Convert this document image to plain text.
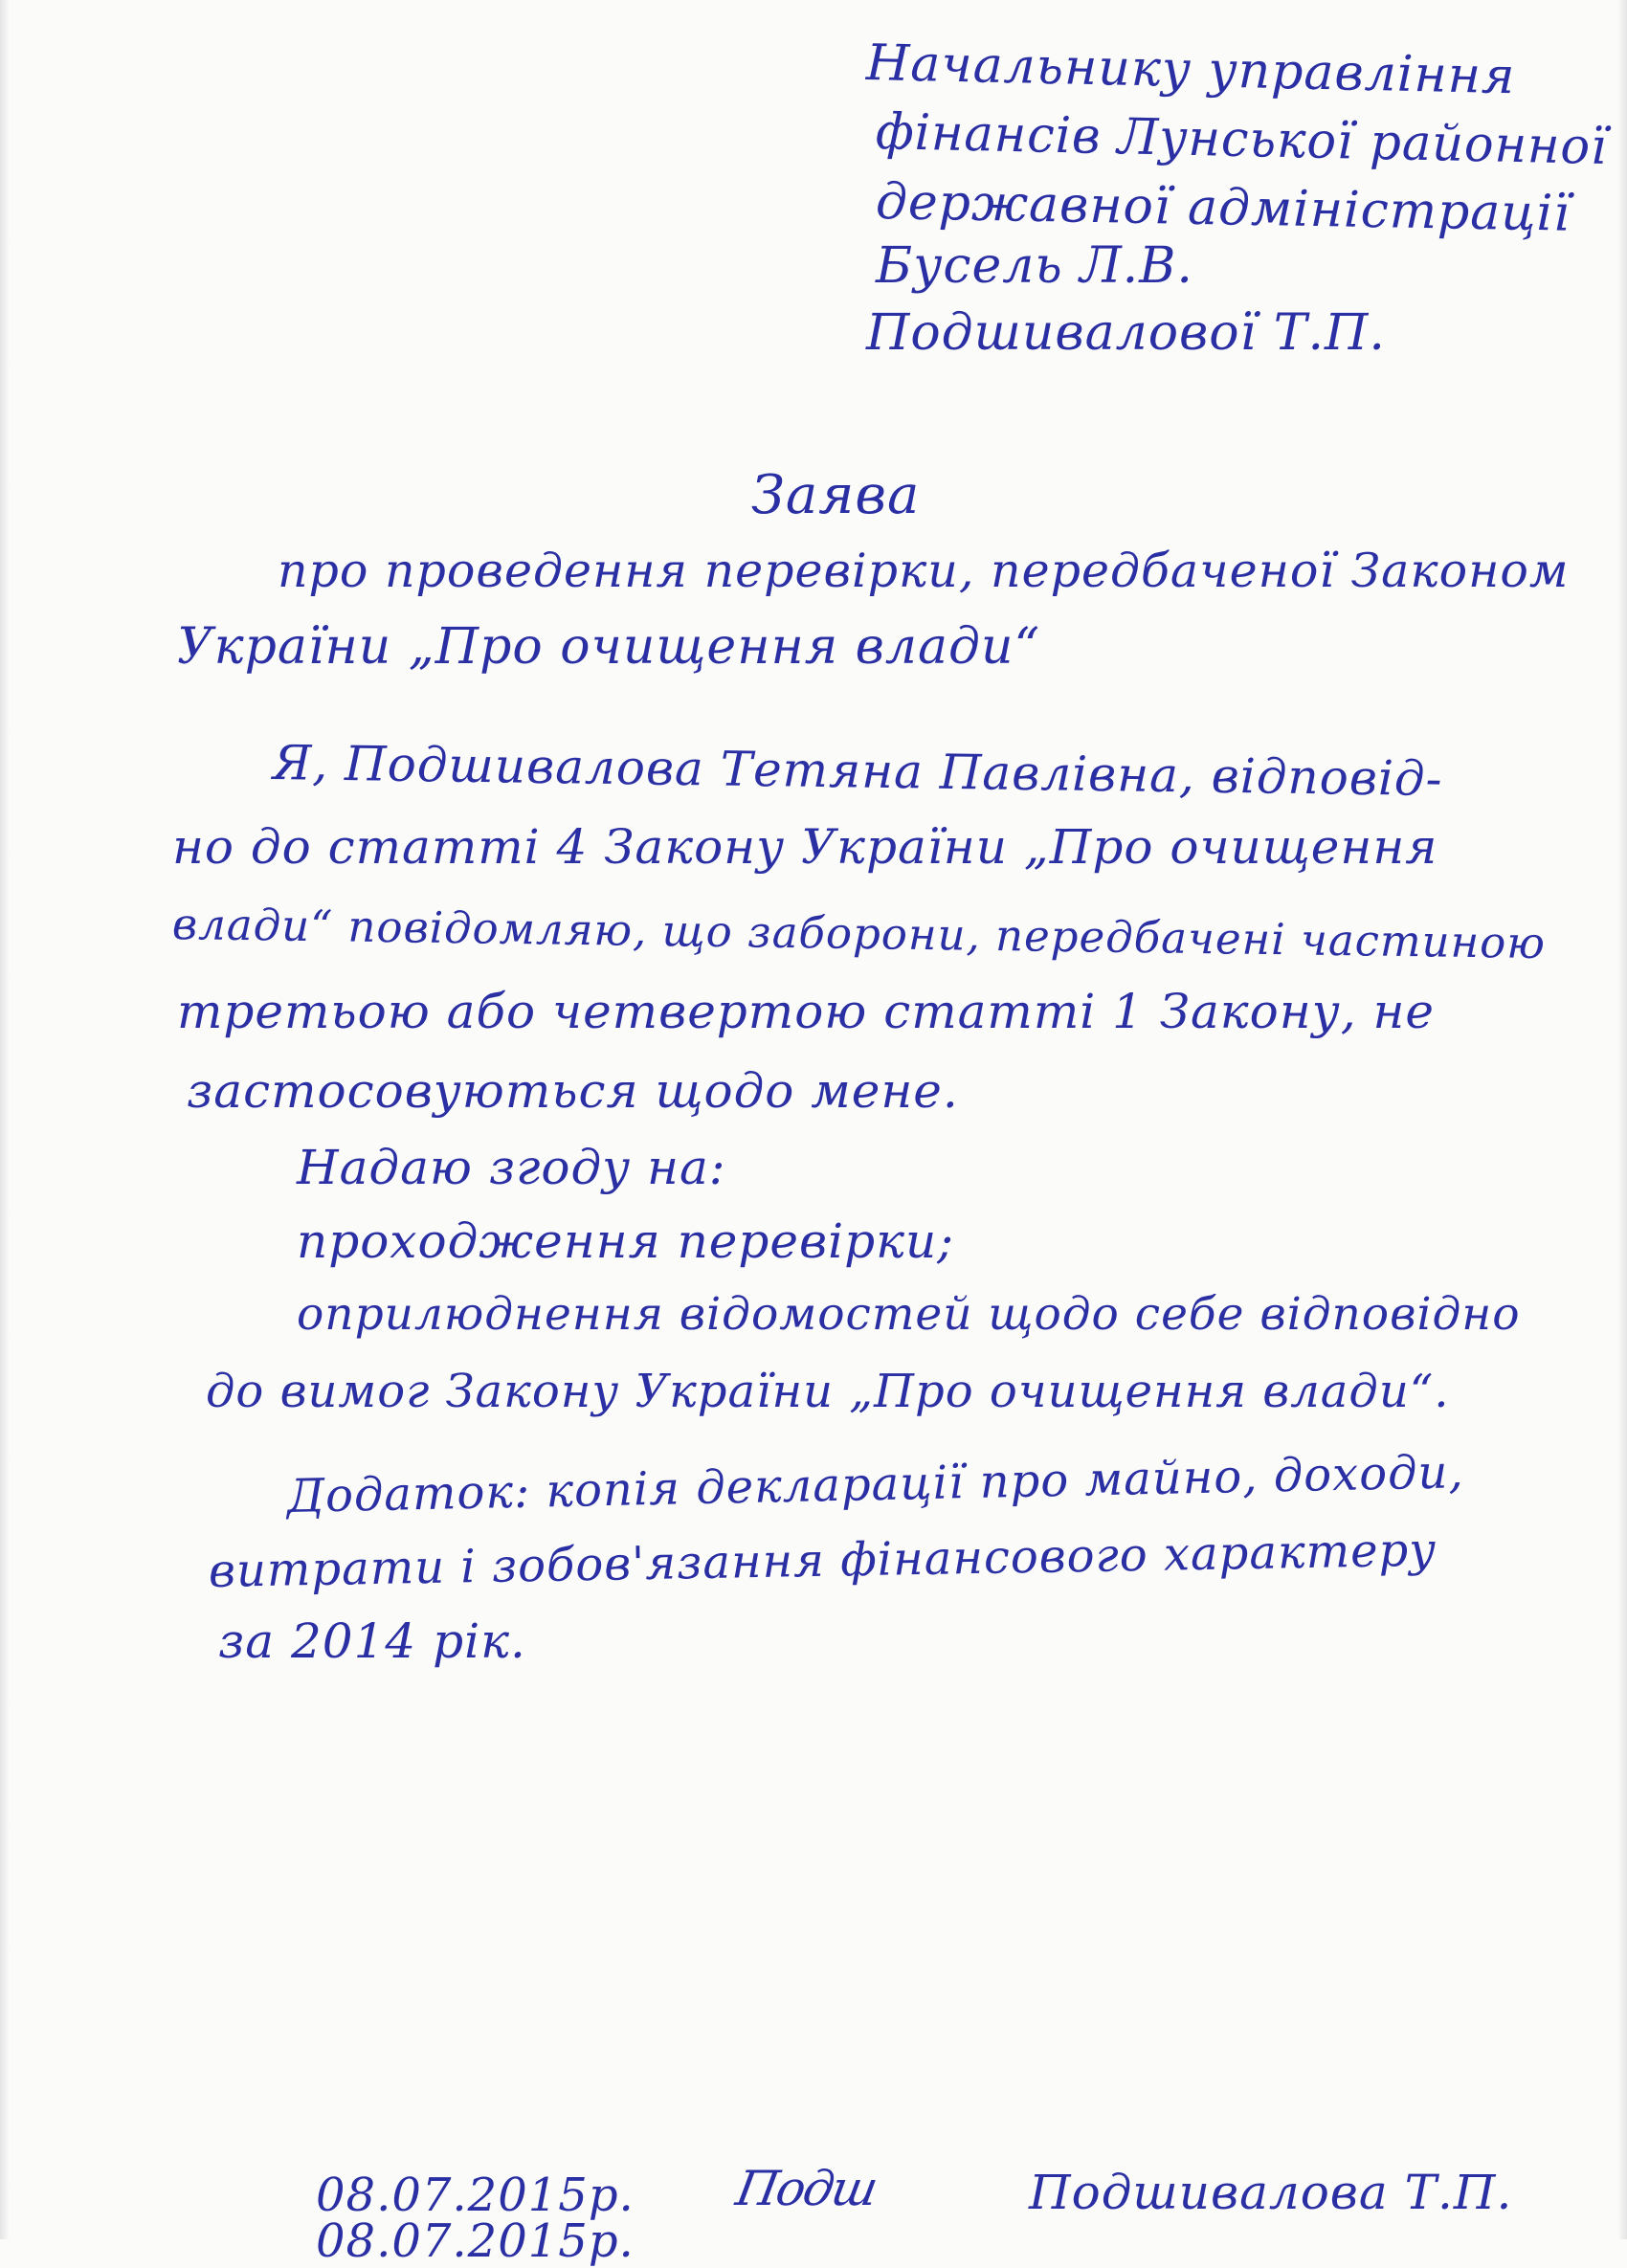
Начальнику управління
фінансів Лунської районної
державної адміністрації
Бусель Л.В.
Подшивалової Т.П.
Заява
про проведення перевірки, передбаченої Законом
України „Про очищення влади“
Я, Подшивалова Тетяна Павлівна, відповід-
но до статті 4 Закону України „Про очищення
влади“ повідомляю, що заборони, передбачені частиною
третьою або четвертою статті 1 Закону, не
застосовуються щодо мене.
Надаю згоду на:
проходження перевірки;
оприлюднення відомостей щодо себе відповідно
до вимог Закону України „Про очищення влади“.
Додаток: копія декларації про майно, доходи,
витрати і зобов'язання фінансового характеру
за 2014 рік.
08.07.2015р.
08.07.2015р. Подш	Подшивалова Т.П.
